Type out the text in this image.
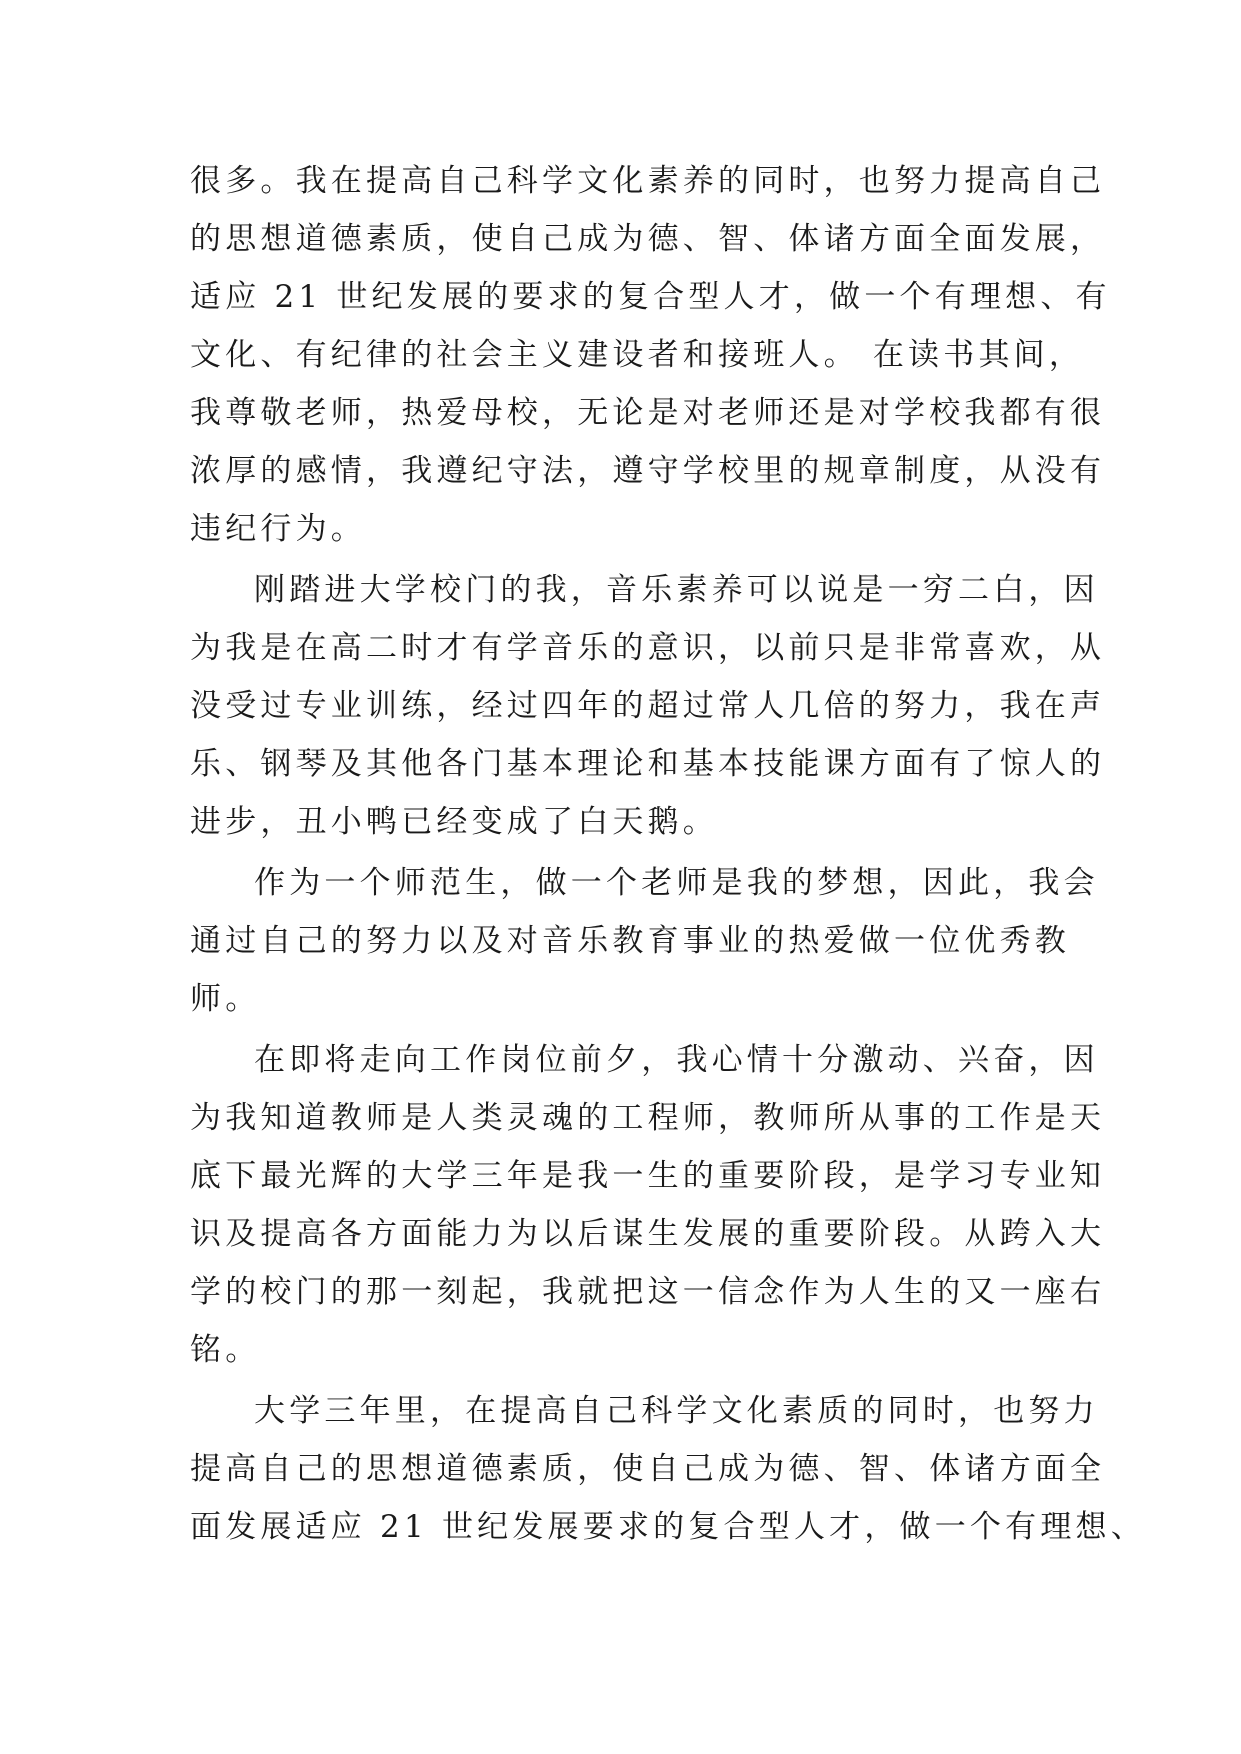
很多。我在提高自己科学文化素养的同时，也努力提高自己
的思想道德素质，使自己成为德、智、体诸方面全面发展，
适应 21 世纪发展的要求的复合型人才，做一个有理想、有
文化、有纪律的社会主义建设者和接班人。 在读书其间，
我尊敬老师，热爱母校，无论是对老师还是对学校我都有很
浓厚的感情，我遵纪守法，遵守学校里的规章制度，从没有
违纪行为。
刚踏进大学校门的我，音乐素养可以说是一穷二白，因
为我是在高二时才有学音乐的意识，以前只是非常喜欢，从
没受过专业训练，经过四年的超过常人几倍的努力，我在声
乐、钢琴及其他各门基本理论和基本技能课方面有了惊人的
进步，丑小鸭已经变成了白天鹅。
作为一个师范生，做一个老师是我的梦想，因此，我会
通过自己的努力以及对音乐教育事业的热爱做一位优秀教
师。
在即将走向工作岗位前夕，我心情十分激动、兴奋，因
为我知道教师是人类灵魂的工程师，教师所从事的工作是天
底下最光辉的大学三年是我一生的重要阶段，是学习专业知
识及提高各方面能力为以后谋生发展的重要阶段。从跨入大
学的校门的那一刻起，我就把这一信念作为人生的又一座右
铭。
大学三年里，在提高自己科学文化素质的同时，也努力
提高自己的思想道德素质，使自己成为德、智、体诸方面全
面发展适应 21 世纪发展要求的复合型人才，做一个有理想、
